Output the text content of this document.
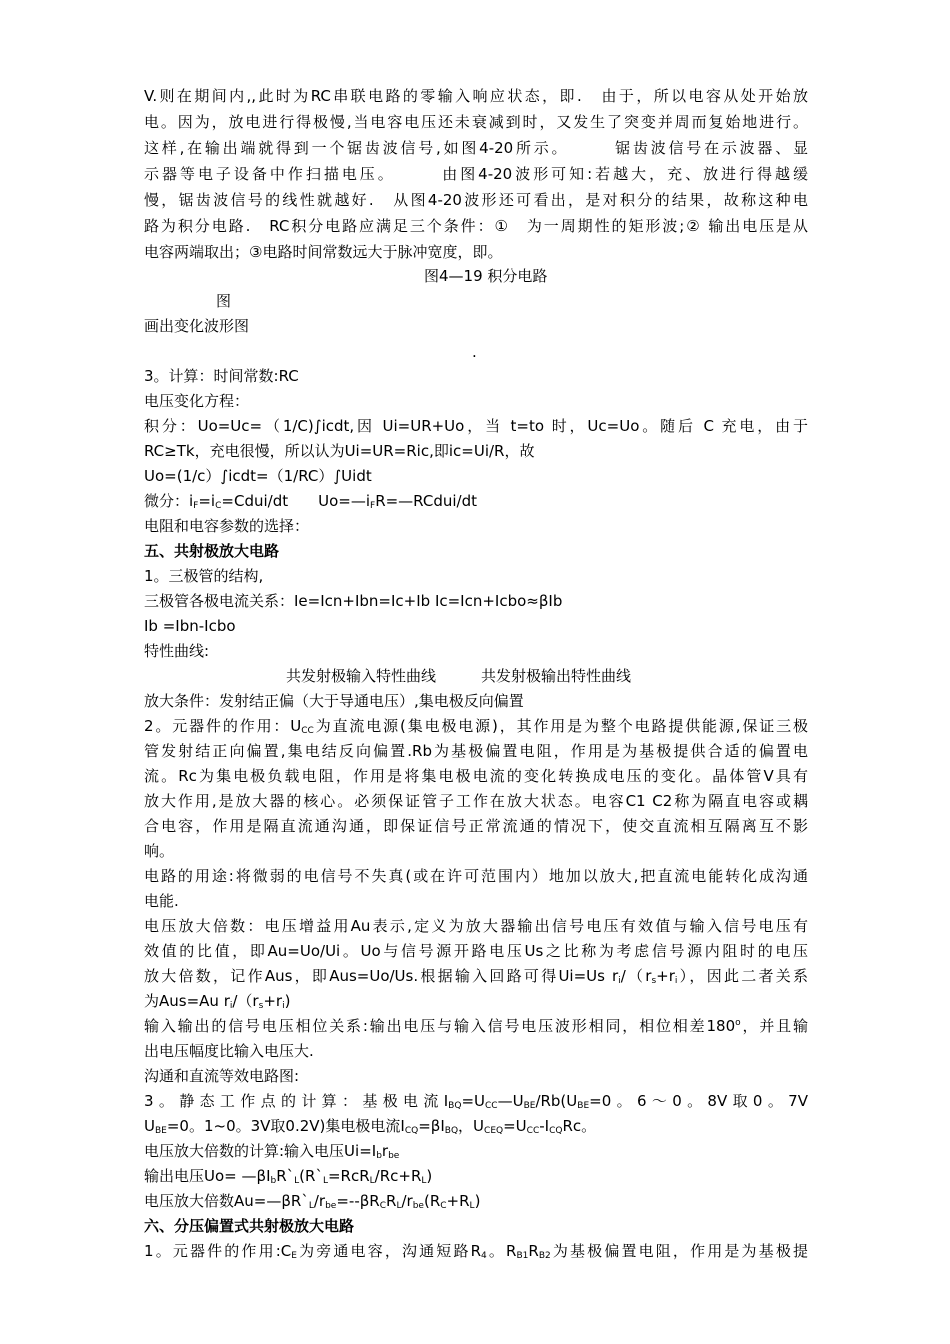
V.则在期间内,,此时为RC串联电路的零输入响应状态，即.　由于，所以电容从处开始放
电。因为，放电进行得极慢,当电容电压还未衰减到时，又发生了突变并周而复始地进行。
这样,在输出端就得到一个锯齿波信号,如图4-20所示。　　　锯齿波信号在示波器、显
示器等电子设备中作扫描电压。　　　由图4-20波形可知:若越大，充、放进行得越缓
慢，锯齿波信号的线性就越好.　从图4-20波形还可看出，是对积分的结果，故称这种电
路为积分电路.　RC积分电路应满足三个条件：①　为一周期性的矩形波;② 输出电压是从
电容两端取出；③电路时间常数远大于脉冲宽度，即。
图4—19 积分电路
图
画出变化波形图
.
3。计算：时间常数:RC
电压变化方程：
积分：Uo=Uc=（1/C)∫icdt,因 Ui=UR+Uo，当 t=to 时，Uc=Uo。随后 C 充电，由于
RC≥Tk，充电很慢，所以认为Ui=UR=Ric,即ic=Ui/R，故
Uo=(1/c）∫icdt=（1/RC）∫Uidt
微分：$i_F=i_C=Cdui/dt$　　$Uo=—i_FR=—RCdui/dt$
电阻和电容参数的选择：
五、共射极放大电路
1。三极管的结构,
三极管各极电流关系：Ie=Icn+Ibn=Ic+Ib Ic=Icn+Icbo≈βIb
Ib =Ibn-Icbo
特性曲线:
共发射极输入特性曲线　　　共发射极输出特性曲线
放大条件：发射结正偏（大于导通电压）,集电极反向偏置
2。元器件的作用：$U_{CC}$为直流电源(集电极电源)，其作用是为整个电路提供能源,保证三极
管发射结正向偏置,集电结反向偏置.Rb为基极偏置电阻，作用是为基极提供合适的偏置电
流。Rc为集电极负载电阻，作用是将集电极电流的变化转换成电压的变化。晶体管V具有
放大作用,是放大器的核心。必须保证管子工作在放大状态。电容C1 C2称为隔直电容或耦
合电容，作用是隔直流通沟通，即保证信号正常流通的情况下，使交直流相互隔离互不影
响。
电路的用途:将微弱的电信号不失真(或在许可范围内）地加以放大,把直流电能转化成沟通
电能.
电压放大倍数：电压增益用Au表示,定义为放大器输出信号电压有效值与输入信号电压有
效值的比值，即Au=Uo/Ui。Uo与信号源开路电压Us之比称为考虑信号源内阻时的电压
放大倍数，记作Aus，即Aus=Uo/Us.根据输入回路可得Ui=Us $r_i/(r_s+r_i)$，因此二者关系
为Aus=Au $r_i/(r_s+r_i)$
输入输出的信号电压相位关系:输出电压与输入信号电压波形相同，相位相差180$^o$，并且输
出电压幅度比输入电压大.
沟通和直流等效电路图:
3。静态工作点的计算：基极电流$I_{BQ}=U_{CC}—U_{BE}/Rb(U_{BE}=0$。6～0。8V取0。7V
$U_{BE}=0$。1~0。3V取0.2V)集电极电流$I_{CQ}=\beta I_{BQ}$，$U_{CEQ}=U_{CC}-I_{CQ}Rc$。
电压放大倍数的计算:输入电压$Ui=I_br_{be}$
输出电压$Uo= —\beta I_bR`_L(R`_L=RcR_L/Rc+R_L)$
电压放大倍数$Au=—\beta R`_L/r_{be}=--\beta R_CR_L/r_{be}(R_C+R_L)$
六、分压偏置式共射极放大电路
1。元器件的作用$:C_E$为旁通电容，沟通短路$R_4$。$R_{B1}R_{B2}$为基极偏置电阻，作用是为基极提
